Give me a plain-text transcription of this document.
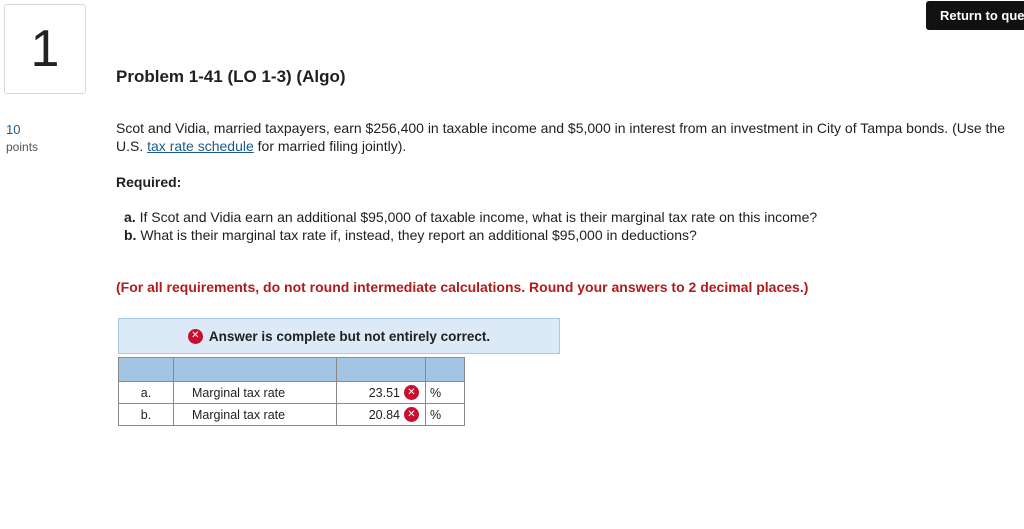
1
10
points
Return to que
Problem 1-41 (LO 1-3) (Algo)
Scot and Vidia, married taxpayers, earn $256,400 in taxable income and $5,000 in interest from an investment in City of Tampa bonds. (Use the U.S. tax rate schedule for married filing jointly).
Required:
a. If Scot and Vidia earn an additional $95,000 of taxable income, what is their marginal tax rate on this income?
b. What is their marginal tax rate if, instead, they report an additional $95,000 in deductions?
(For all requirements, do not round intermediate calculations. Round your answers to 2 decimal places.)
✕ Answer is complete but not entirely correct.

a.	Marginal tax rate	23.51 ✕	%
b.	Marginal tax rate	20.84 ✕	%
